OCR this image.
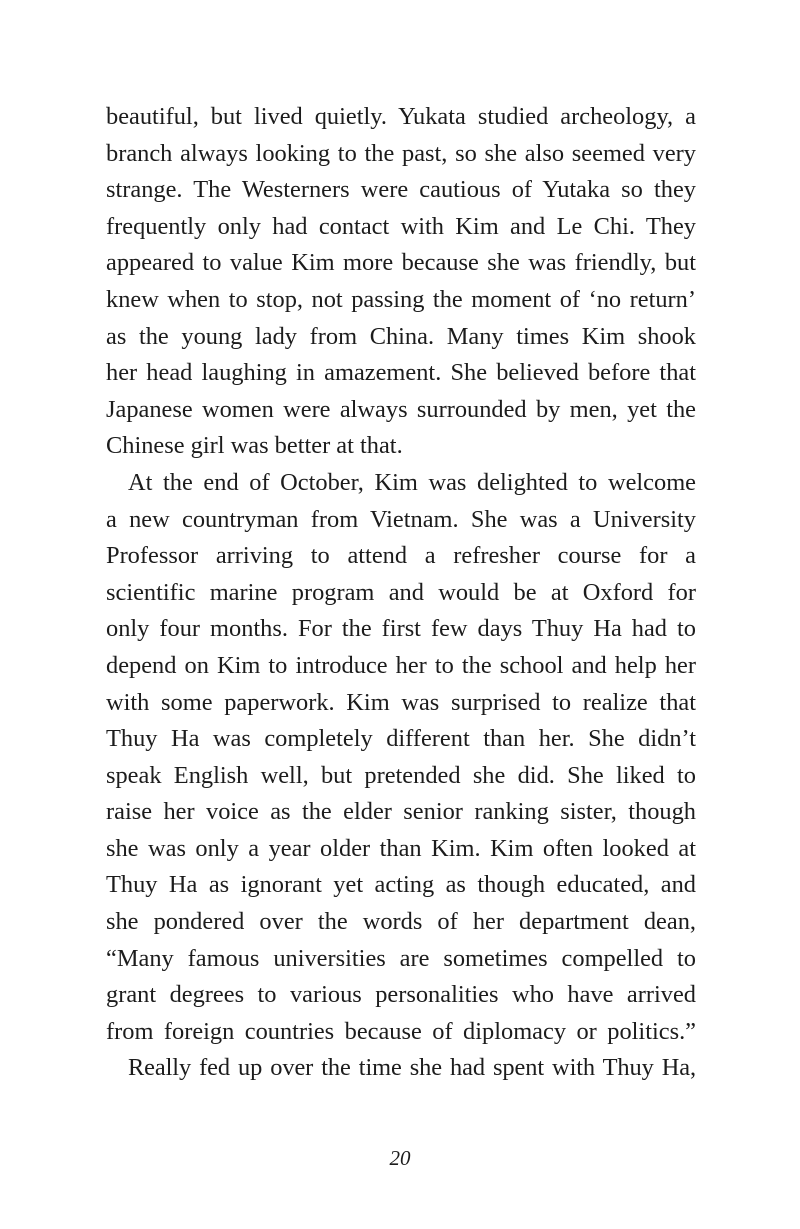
beautiful, but lived quietly. Yukata studied archeology, a
branch always looking to the past, so she also seemed very
strange. The Westerners were cautious of Yutaka so they
frequently only had contact with Kim and Le Chi. They
appeared to value Kim more because she was friendly, but
knew when to stop, not passing the moment of ‘no return’
as the young lady from China. Many times Kim shook
her head laughing in amazement. She believed before that
Japanese women were always surrounded by men, yet the
Chinese girl was better at that.
At the end of October, Kim was delighted to welcome
a new countryman from Vietnam. She was a University
Professor arriving to attend a refresher course for a
scientific marine program and would be at Oxford for
only four months. For the first few days Thuy Ha had to
depend on Kim to introduce her to the school and help her
with some paperwork. Kim was surprised to realize that
Thuy Ha was completely different than her. She didn’t
speak English well, but pretended she did. She liked to
raise her voice as the elder senior ranking sister, though
she was only a year older than Kim. Kim often looked at
Thuy Ha as ignorant yet acting as though educated, and
she pondered over the words of her department dean,
“Many famous universities are sometimes compelled to
grant degrees to various personalities who have arrived
from foreign countries because of diplomacy or politics.”
Really fed up over the time she had spent with Thuy Ha,
20
